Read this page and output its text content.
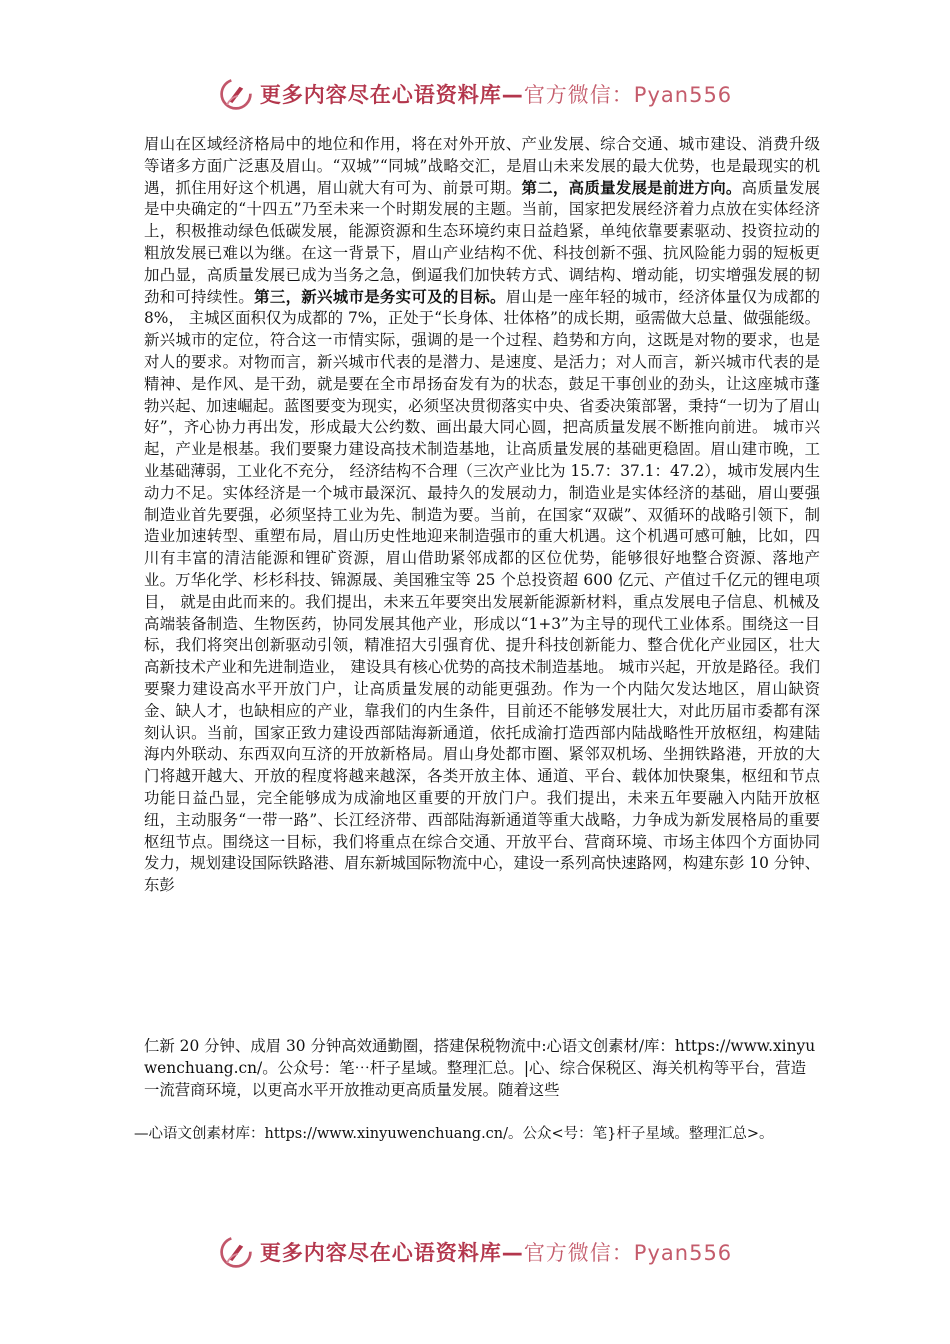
更多内容尽在心语资料库—官方微信：Pyan556
眉山在区域经济格局中的地位和作用，将在对外开放、产业发展、综合交通、城市建设、消费升级等诸多方面广泛惠及眉山。“双城”“同城”战略交汇，是眉山未来发展的最大优势，也是最现实的机遇，抓住用好这个机遇，眉山就大有可为、前景可期。第二，高质量发展是前进方向。高质量发展是中央确定的“十四五”乃至未来一个时期发展的主题。当前，国家把发展经济着力点放在实体经济上，积极推动绿色低碳发展，能源资源和生态环境约束日益趋紧，单纯依靠要素驱动、投资拉动的粗放发展已难以为继。在这一背景下，眉山产业结构不优、科技创新不强、抗风险能力弱的短板更加凸显，高质量发展已成为当务之急，倒逼我们加快转方式、调结构、增动能，切实增强发展的韧劲和可持续性。第三，新兴城市是务实可及的目标。眉山是一座年轻的城市，经济体量仅为成都的 8%， 主城区面积仅为成都的 7%，正处于“长身体、壮体格”的成长期，亟需做大总量、做强能级。新兴城市的定位，符合这一市情实际，强调的是一个过程、趋势和方向，这既是对物的要求，也是对人的要求。对物而言，新兴城市代表的是潜力、是速度、是活力；对人而言，新兴城市代表的是精神、是作风、是干劲，就是要在全市昂扬奋发有为的状态，鼓足干事创业的劲头，让这座城市蓬勃兴起、加速崛起。蓝图要变为现实，必须坚决贯彻落实中央、省委决策部署，秉持“一切为了眉山好”，齐心协力再出发，形成最大公约数、画出最大同心圆，把高质量发展不断推向前进。 城市兴起，产业是根基。我们要聚力建设高技术制造基地，让高质量发展的基础更稳固。眉山建市晚，工业基础薄弱，工业化不充分， 经济结构不合理（三次产业比为 15.7：37.1：47.2），城市发展内生动力不足。实体经济是一个城市最深沉、最持久的发展动力，制造业是实体经济的基础，眉山要强制造业首先要强，必须坚持工业为先、制造为要。当前，在国家“双碳”、双循环的战略引领下，制造业加速转型、重塑布局，眉山历史性地迎来制造强市的重大机遇。这个机遇可感可触，比如，四川有丰富的清洁能源和锂矿资源，眉山借助紧邻成都的区位优势，能够很好地整合资源、落地产业。万华化学、杉杉科技、锦源晟、美国雅宝等 25 个总投资超 600 亿元、产值过千亿元的锂电项目， 就是由此而来的。我们提出，未来五年要突出发展新能源新材料，重点发展电子信息、机械及高端装备制造、生物医药，协同发展其他产业，形成以“1+3”为主导的现代工业体系。围绕这一目标，我们将突出创新驱动引领，精准招大引强育优、提升科技创新能力、整合优化产业园区，壮大高新技术产业和先进制造业， 建设具有核心优势的高技术制造基地。 城市兴起，开放是路径。我们要聚力建设高水平开放门户，让高质量发展的动能更强劲。作为一个内陆欠发达地区，眉山缺资金、缺人才，也缺相应的产业，靠我们的内生条件，目前还不能够发展壮大，对此历届市委都有深刻认识。当前，国家正致力建设西部陆海新通道，依托成渝打造西部内陆战略性开放枢纽，构建陆海内外联动、东西双向互济的开放新格局。眉山身处都市圈、紧邻双机场、坐拥铁路港，开放的大门将越开越大、开放的程度将越来越深，各类开放主体、通道、平台、载体加快聚集，枢纽和节点功能日益凸显，完全能够成为成渝地区重要的开放门户。我们提出，未来五年要融入内陆开放枢纽，主动服务“一带一路”、长江经济带、西部陆海新通道等重大战略，力争成为新发展格局的重要枢纽节点。围绕这一目标，我们将重点在综合交通、开放平台、营商环境、市场主体四个方面协同发力，规划建设国际铁路港、眉东新城国际物流中心，建设一系列高快速路网，构建东彭 10 分钟、东彭
仁新 20 分钟、成眉 30 分钟高效通勤圈，搭建保税物流中:心语文创素材/库：https://www.xinyuwenchuang.cn/。公众号：笔⋯杆子星域。整理汇总。|心、综合保税区、海关机构等平台，营造一流营商环境，以更高水平开放推动更高质量发展。随着这些
—心语文创素材库：https://www.xinyuwenchuang.cn/。公众<号：笔}杆子星域。整理汇总>。
更多内容尽在心语资料库—官方微信：Pyan556
